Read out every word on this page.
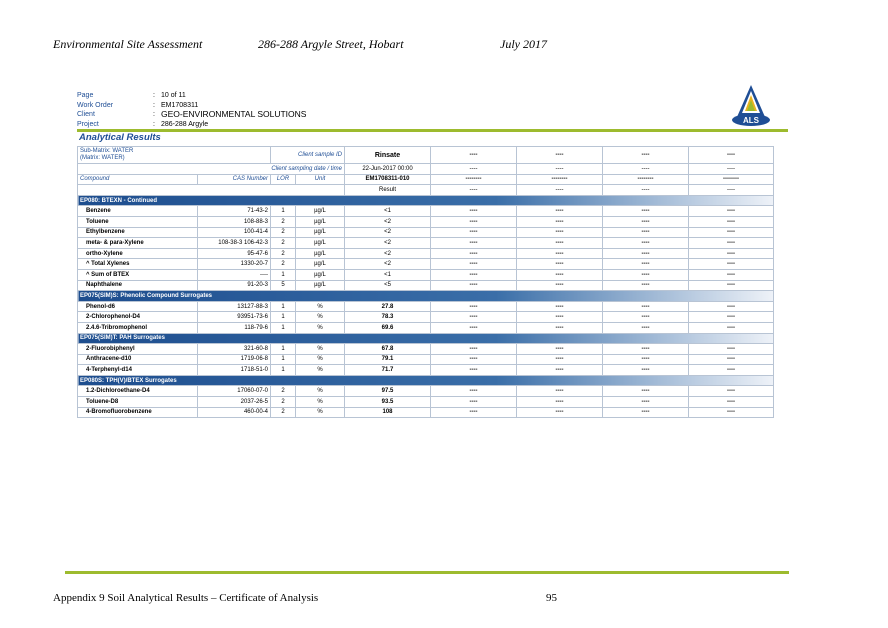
Environmental Site Assessment	286-288 Argyle Street, Hobart	July 2017
Page	: 10 of 11
Work Order	: EM1708311
Client	: GEO-ENVIRONMENTAL SOLUTIONS
Project	: 286-288 Argyle	ALS
Analytical Results
Sub-Matrix: WATER
(Matrix: WATER)		Client sample ID		Rinsate	----	----	----	----
Client sampling date / time				22-Jun-2017 00:00	----	----	----	----
Compound	CAS Number	LOR	Unit	EM1708311-010	--------	--------	--------	--------
				Result	----	----	----	----
EP080: BTEXN - Continued								
Benzene	71-43-2	1	µg/L	<1	----	----	----	----
Toluene	108-88-3	2	µg/L	<2	----	----	----	----
Ethylbenzene	100-41-4	2	µg/L	<2	----	----	----	----
meta- & para-Xylene	108-38-3 106-42-3	2	µg/L	<2	----	----	----	----
ortho-Xylene	95-47-6	2	µg/L	<2	----	----	----	----
^ Total Xylenes	1330-20-7	2	µg/L	<2	----	----	----	----
^ Sum of BTEX	----	1	µg/L	<1	----	----	----	----
Naphthalene	91-20-3	5	µg/L	<5	----	----	----	----
EP075(SIM)S: Phenolic Compound Surrogates								
Phenol-d6	13127-88-3	1	%	27.8	----	----	----	----
2-Chlorophenol-D4	93951-73-6	1	%	78.3	----	----	----	----
2.4.6-Tribromophenol	118-79-6	1	%	69.6	----	----	----	----
EP075(SIM)T: PAH Surrogates								
2-Fluorobiphenyl	321-60-8	1	%	67.8	----	----	----	----
Anthracene-d10	1719-06-8	1	%	79.1	----	----	----	----
4-Terphenyl-d14	1718-51-0	1	%	71.7	----	----	----	----
EP080S: TPH(V)/BTEX Surrogates								
1.2-Dichloroethane-D4	17060-07-0	2	%	97.5	----	----	----	----
Toluene-D8	2037-26-5	2	%	93.5	----	----	----	----
4-Bromofluorobenzene	460-00-4	2	%	108	----	----	----	----
Appendix 9 Soil Analytical Results – Certificate of Analysis	95
